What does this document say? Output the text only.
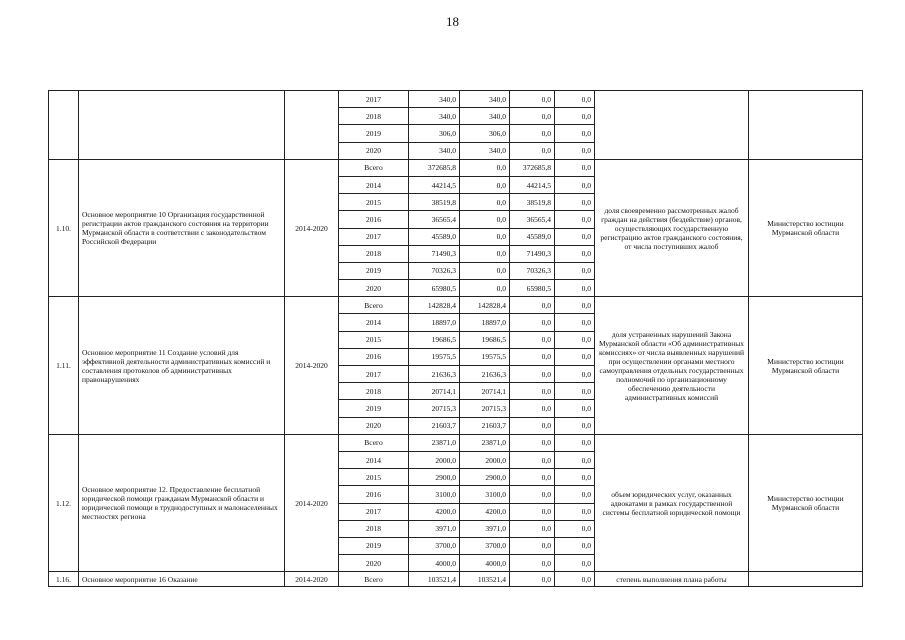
18
			2017	340,0	340,0	0,0	0,0		
			2018	340,0	340,0	0,0	0,0		
			2019	306,0	306,0	0,0	0,0		
			2020	340,0	340,0	0,0	0,0		
1.10.	Основное мероприятие 10 Организация государственной регистрации актов гражданского состояния на территории Мурманской области в соответствии с законодательством Российской Федерации	2014-2020	Всего	372685,8	0,0	372685,8	0,0	доля своевременно рассмотренных жалоб граждан на действия (бездействие) органов, осуществляющих государственную регистрацию актов гражданского состояния, от числа поступивших жалоб	Министерство юстиции Мурманской области
			2014	44214,5	0,0	44214,5	0,0		
			2015	38519,8	0,0	38519,8	0,0		
			2016	36565,4	0,0	36565,4	0,0		
			2017	45589,0	0,0	45589,0	0,0		
			2018	71490,3	0,0	71490,3	0,0		
			2019	70326,3	0,0	70326,3	0,0		
			2020	65980,5	0,0	65980,5	0,0		
1.11.	Основное мероприятие 11 Создание условий для эффективной деятельности административных комиссий и составления протоколов об административных правонарушениях	2014-2020	Всего	142828,4	142828,4	0,0	0,0	доля устраненных нарушений Закона Мурманской области «Об административных комиссиях» от числа выявленных нарушений при осуществлении органами местного самоуправления отдельных государственных полномочий по организационному обеспечению деятельности административных комиссий	Министерство юстиции Мурманской области
			2014	18897,0	18897,0	0,0	0,0		
			2015	19686,5	19686,5	0,0	0,0		
			2016	19575,5	19575,5	0,0	0,0		
			2017	21636,3	21636,3	0,0	0,0		
			2018	20714,1	20714,1	0,0	0,0		
			2019	20715,3	20715,3	0,0	0,0		
			2020	21603,7	21603,7	0,0	0,0		
1.12.	Основное мероприятие 12. Предоставление бесплатной юридической помощи гражданам Мурманской области и юридической помощи в труднодоступных и малонаселенных местностях региона	2014-2020	Всего	23871,0	23871,0	0,0	0,0	объем юридических услуг, оказанных адвокатами в рамках государственной системы бесплатной юридической помощи	Министерство юстиции Мурманской области
			2014	2000,0	2000,0	0,0	0,0		
			2015	2900,0	2900,0	0,0	0,0		
			2016	3100,0	3100,0	0,0	0,0		
			2017	4200,0	4200,0	0,0	0,0		
			2018	3971,0	3971,0	0,0	0,0		
			2019	3700,0	3700,0	0,0	0,0		
			2020	4000,0	4000,0	0,0	0,0		
1.16.	Основное мероприятие 16 Оказание	2014-2020	Всего	103521,4	103521,4	0,0	0,0	степень выполнения плана работы	
